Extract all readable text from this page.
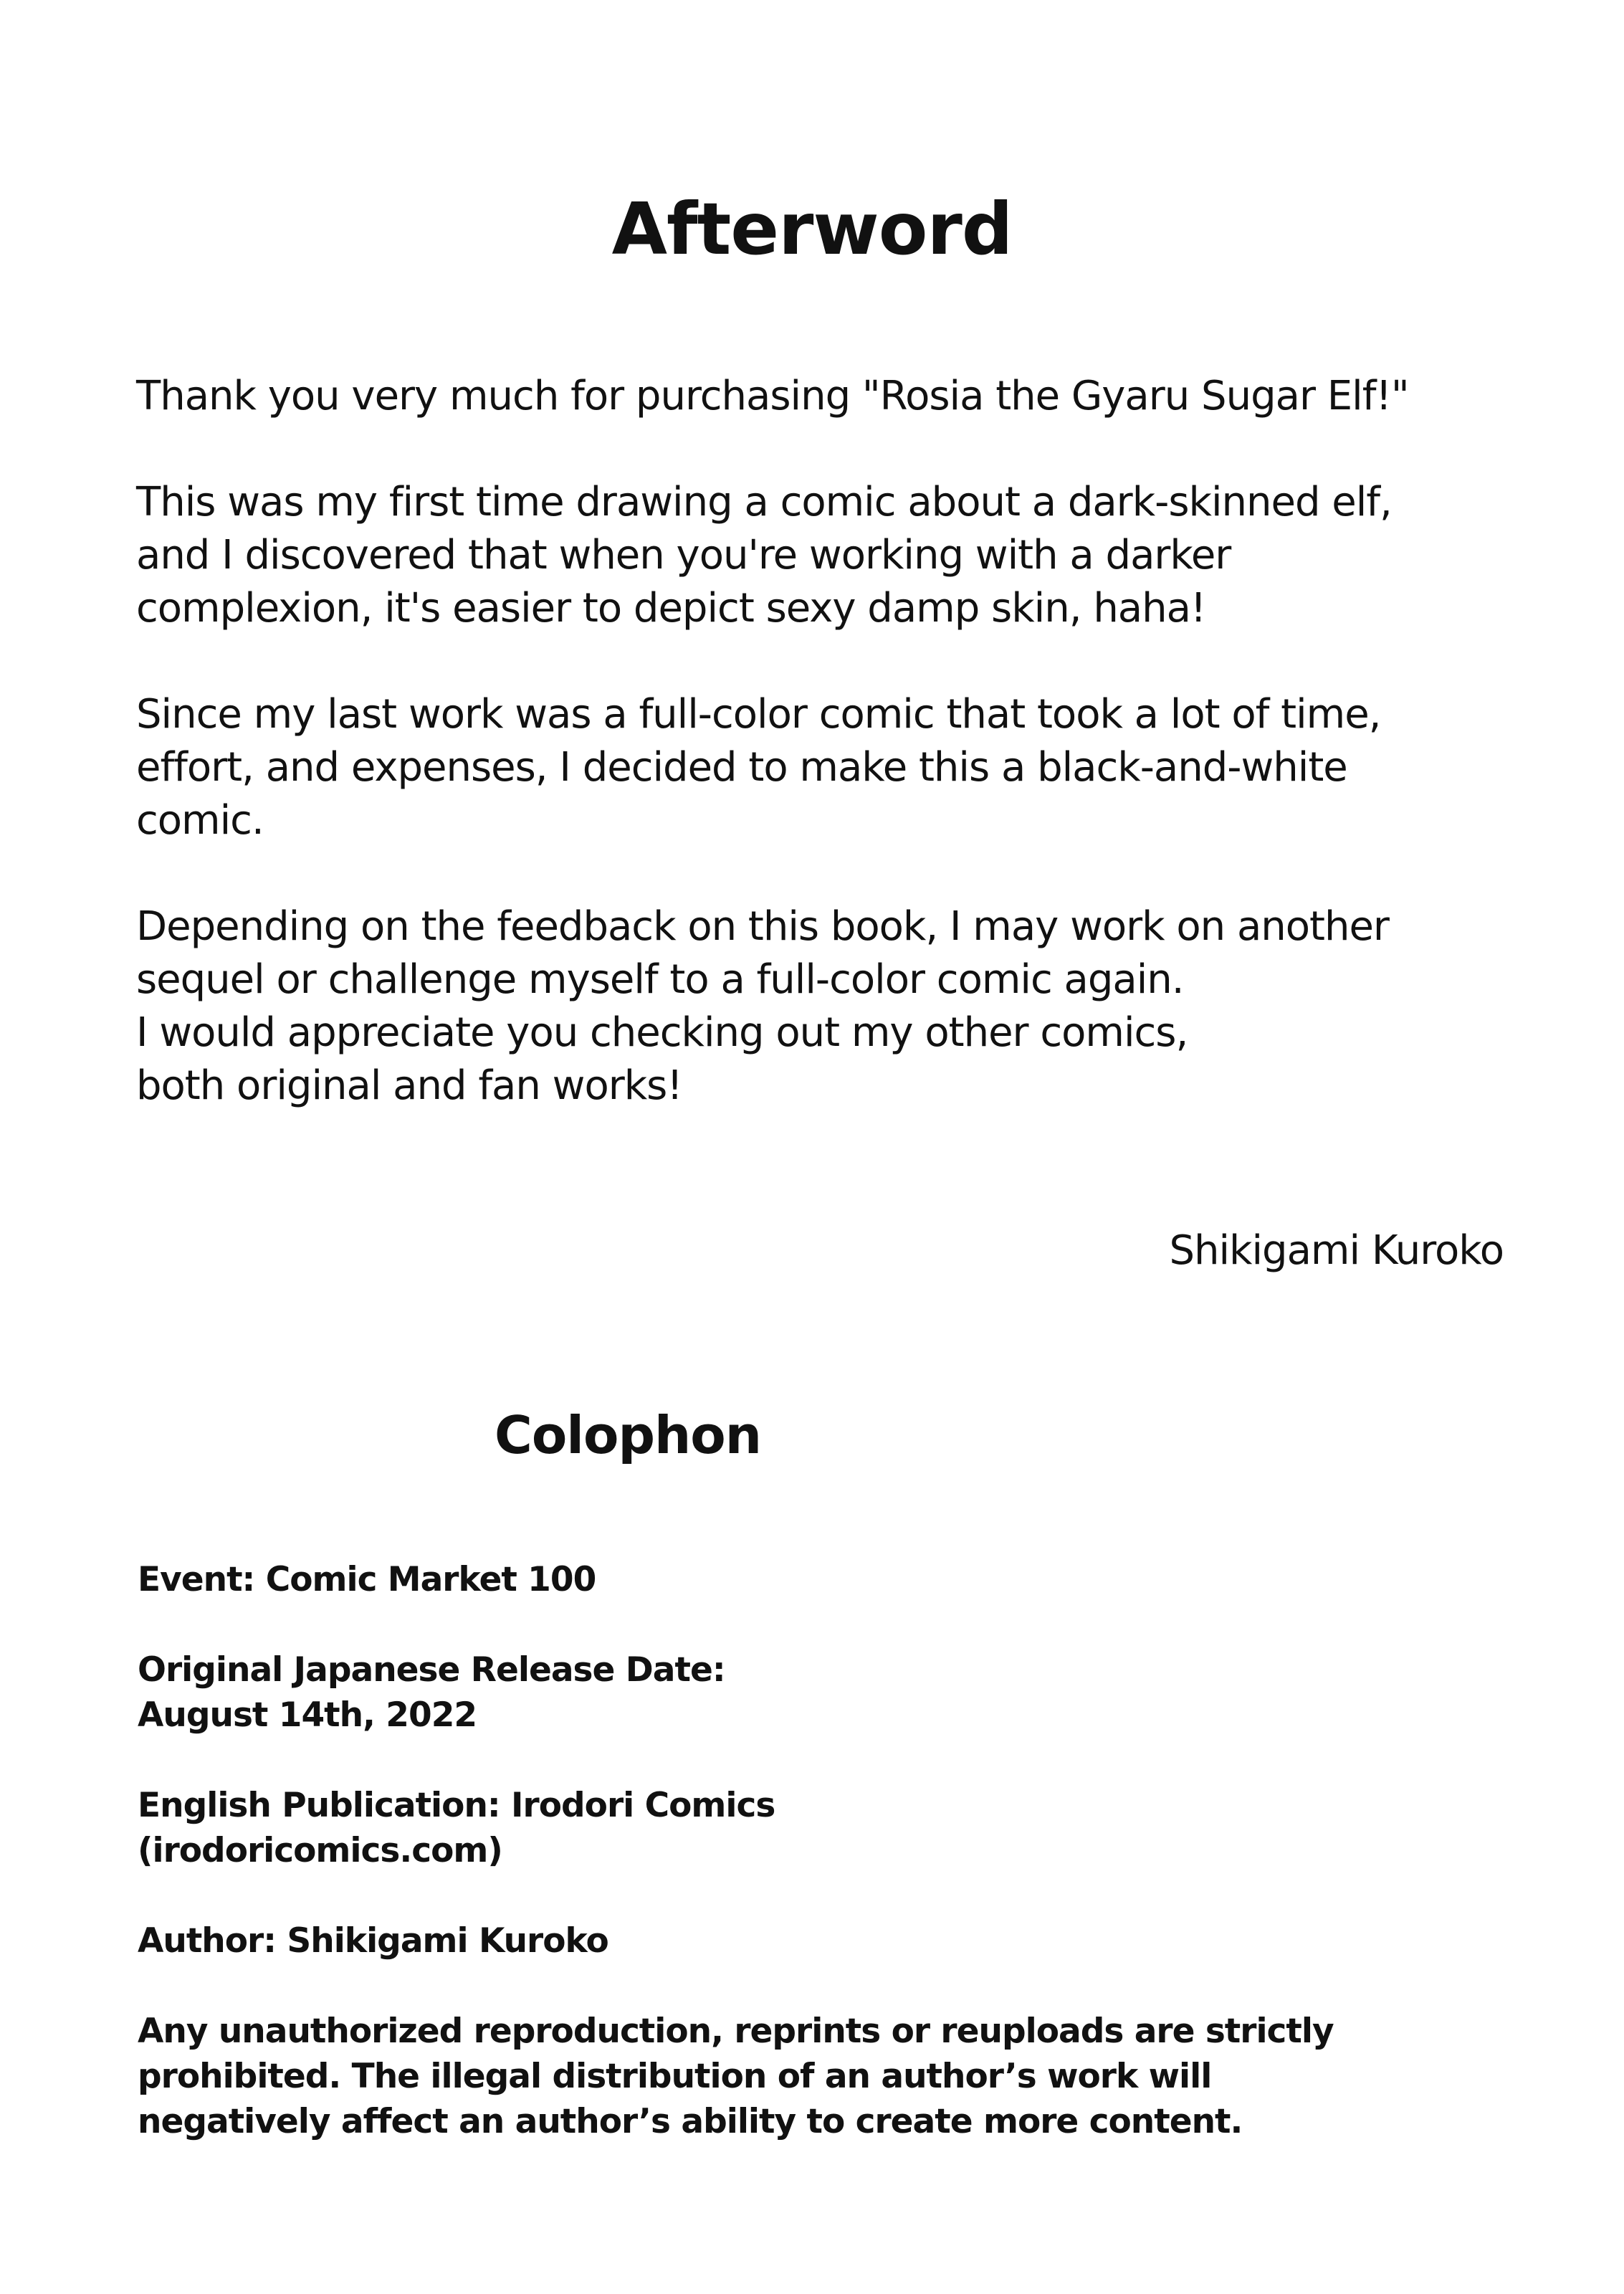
Afterword

Thank you very much for purchasing "Rosia the Gyaru Sugar Elf!"

This was my first time drawing a comic about a dark-skinned elf,
and I discovered that when you're working with a darker
complexion, it's easier to depict sexy damp skin, haha!

Since my last work was a full-color comic that took a lot of time,
effort, and expenses, I decided to make this a black-and-white
comic.

Depending on the feedback on this book, I may work on another
sequel or challenge myself to a full-color comic again.
I would appreciate you checking out my other comics,
both original and fan works!

Shikigami Kuroko
Colophon
Event: Comic Market 100
Original Japanese Release Date:
August 14th, 2022
English Publication: Irodori Comics
(irodoricomics.com)
Author: Shikigami Kuroko
Any unauthorized reproduction, reprints or reuploads are strictly
prohibited. The illegal distribution of an author’s work will
negatively affect an author’s ability to create more content.
